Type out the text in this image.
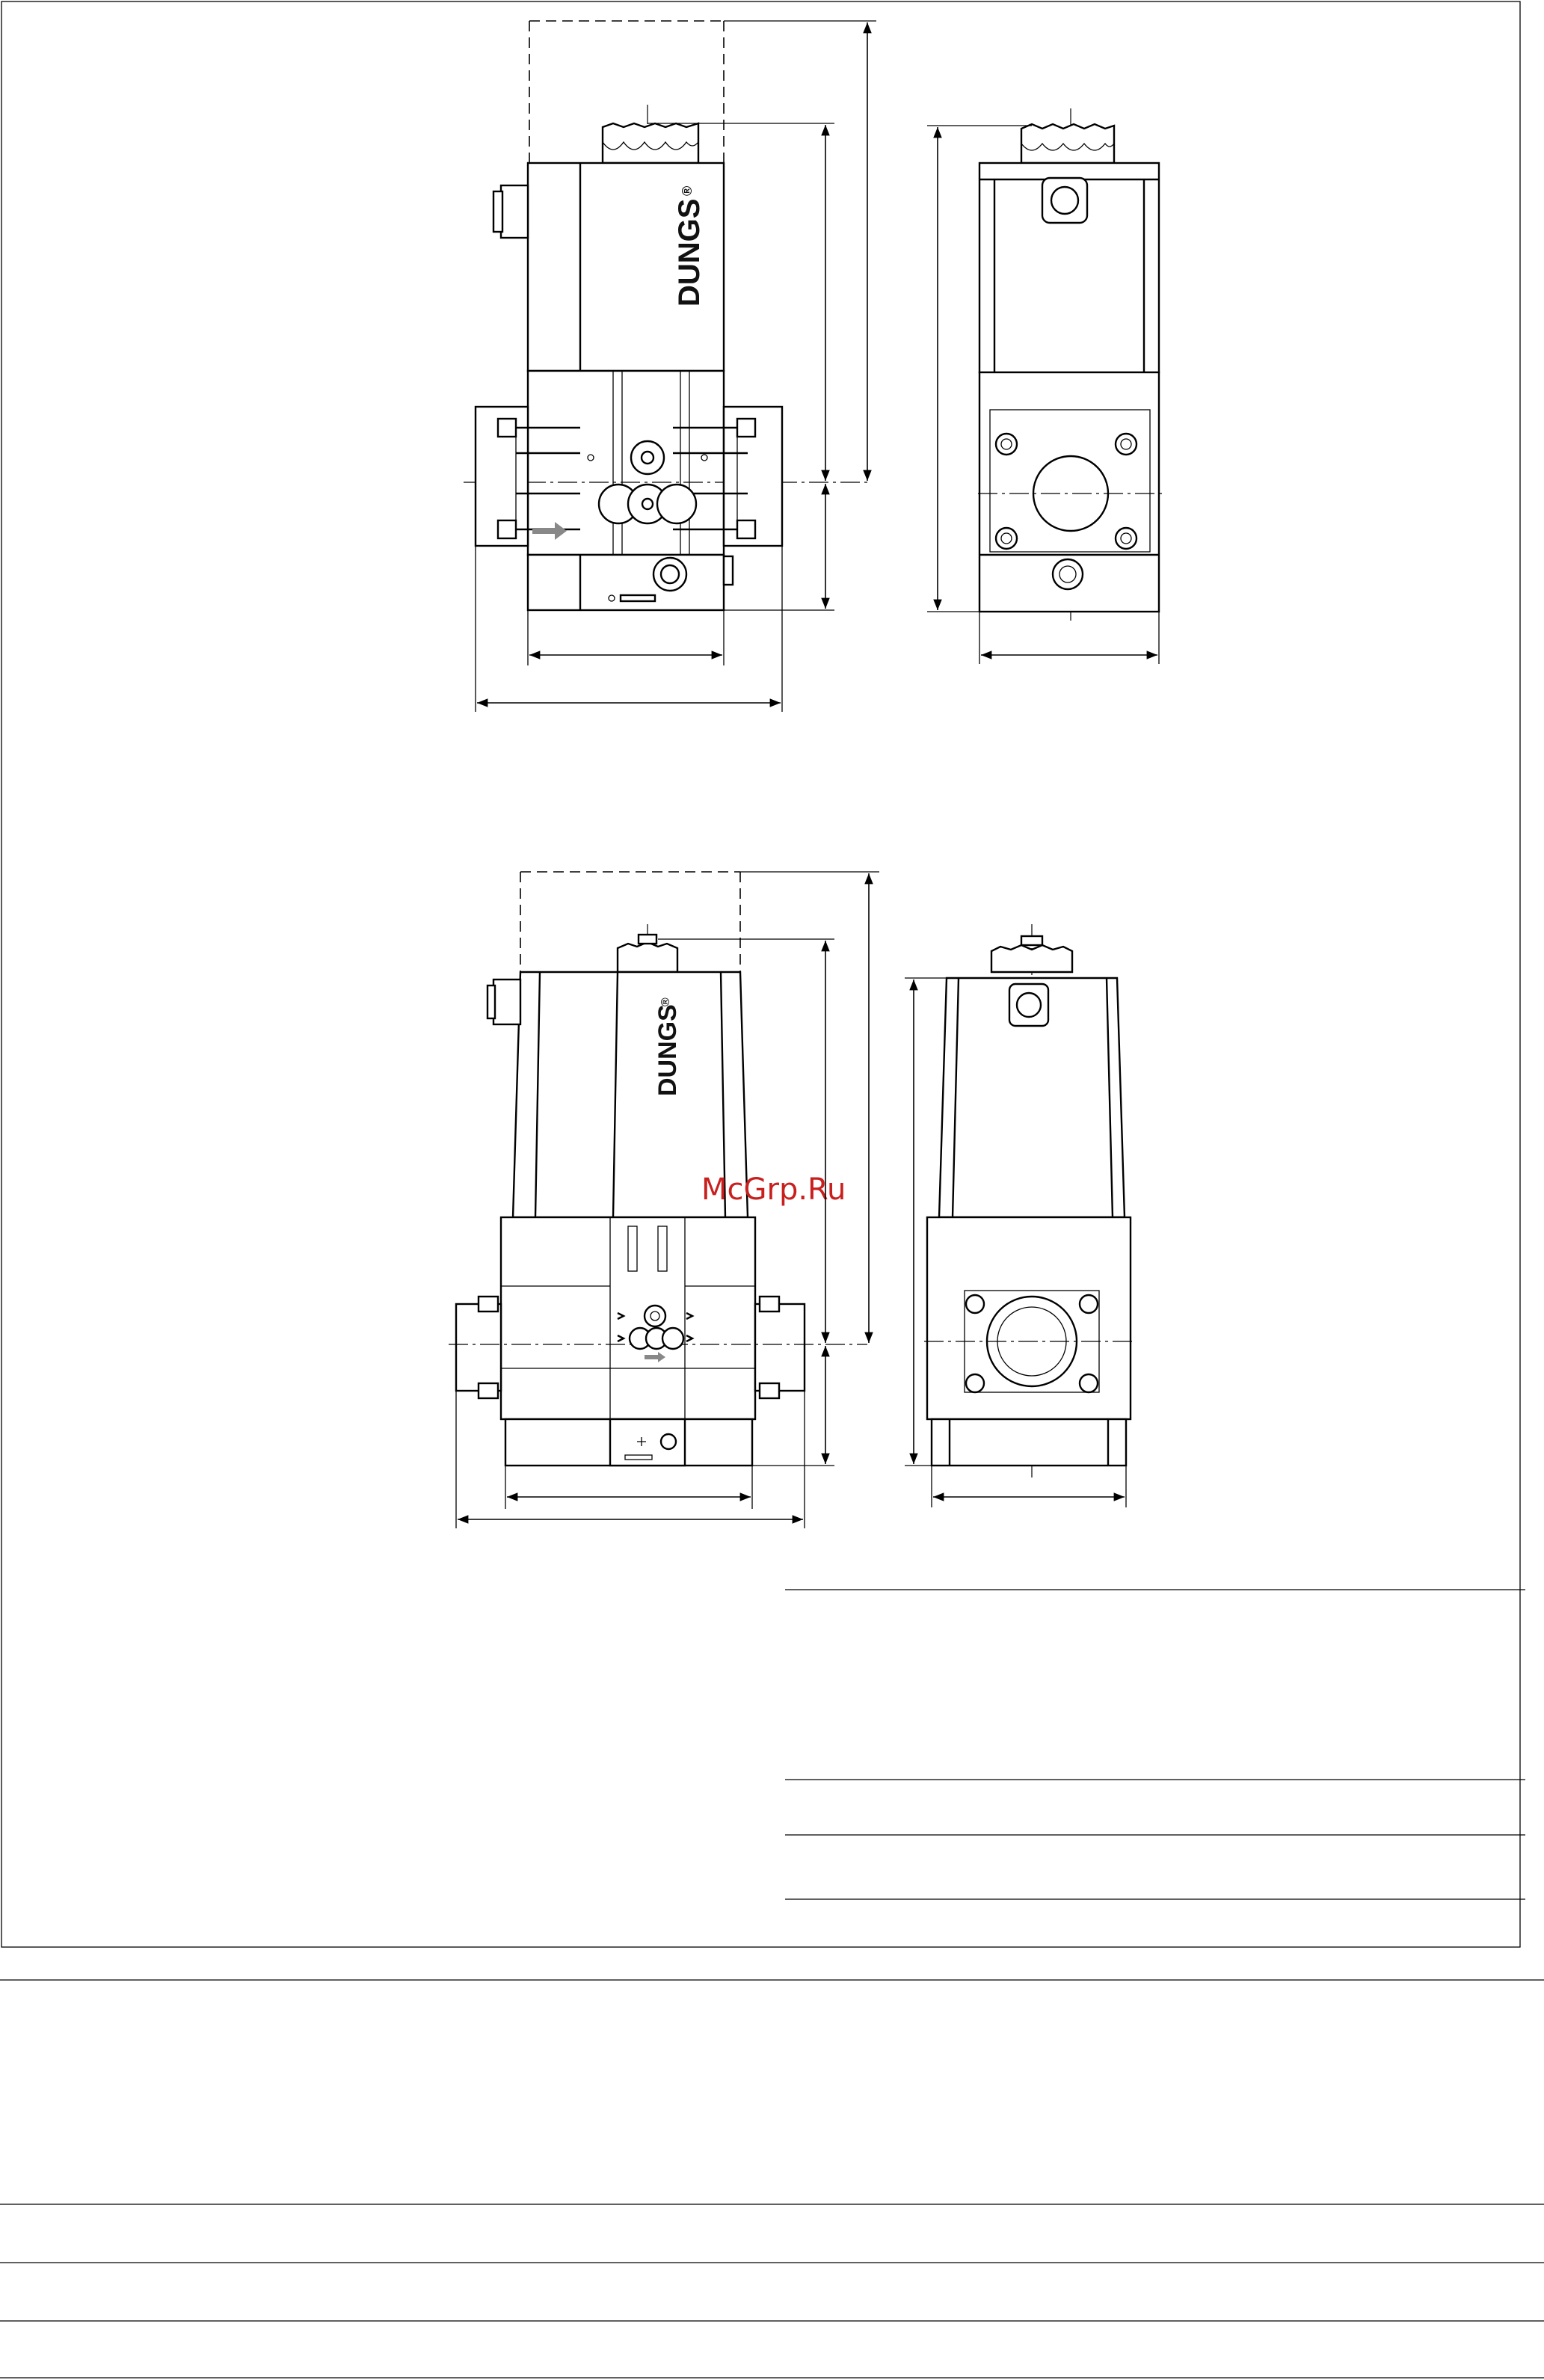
DUNGS
®
DUNGS
®
McGrp.Ru
